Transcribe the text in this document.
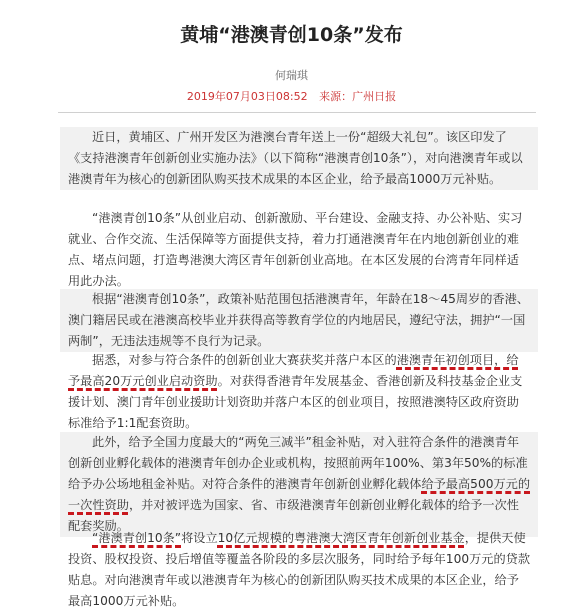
黄埔“港澳青创10条”发布
何瑞琪
2019年07月03日08:52 来源：广州日报
近日，黄埔区、广州开发区为港澳台青年送上一份“超级大礼包”。该区印发了《支持港澳青年创新创业实施办法》（以下简称“港澳青创10条”），对向港澳青年或以港澳青年为核心的创新团队购买技术成果的本区企业，给予最高1000万元补贴。
“港澳青创10条”从创业启动、创新激励、平台建设、金融支持、办公补贴、实习就业、合作交流、生活保障等方面提供支持，着力打通港澳青年在内地创新创业的难点、堵点问题，打造粤港澳大湾区青年创新创业高地。在本区发展的台湾青年同样适用此办法。
根据“港澳青创10条”，政策补贴范围包括港澳青年，年龄在18～45周岁的香港、澳门籍居民或在港澳高校毕业并获得高等教育学位的内地居民，遵纪守法，拥护“一国两制”，无违法违规等不良行为记录。
据悉，对参与符合条件的创新创业大赛获奖并落户本区的港澳青年初创项目，给予最高20万元创业启动资助。对获得香港青年发展基金、香港创新及科技基金企业支援计划、澳门青年创业援助计划资助并落户本区的创业项目，按照港澳特区政府资助标准给予1:1配套资助。
此外，给予全国力度最大的“两免三减半”租金补贴，对入驻符合条件的港澳青年创新创业孵化载体的港澳青年创办企业或机构，按照前两年100%、第3年50%的标准给予办公场地租金补贴。对符合条件的港澳青年创新创业孵化载体给予最高500万元的一次性资助，并对被评选为国家、省、市级港澳青年创新创业孵化载体的给予一次性配套奖励。
“港澳青创10条”将设立10亿元规模的粤港澳大湾区青年创新创业基金，提供天使投资、股权投资、投后增值等覆盖各阶段的多层次服务，同时给予每年100万元的贷款贴息。对向港澳青年或以港澳青年为核心的创新团队购买技术成果的本区企业，给予最高1000万元补贴。
